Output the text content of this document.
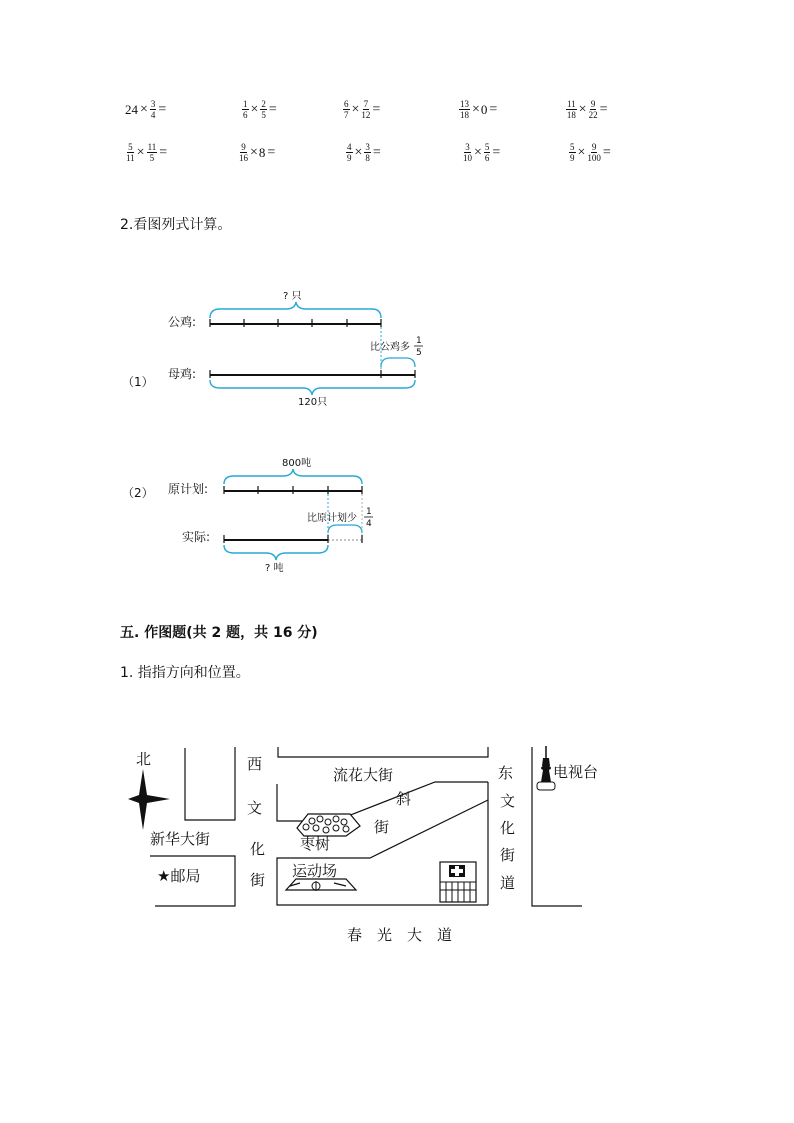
$24 \times \frac{3}{4}$ =	$\frac{1}{6} \times \frac{2}{5}$ =	$\frac{6}{7} \times \frac{7}{12}$ =	$\frac{13}{18} \times 0$ =	$\frac{11}{18} \times \frac{9}{22}$ =
$\frac{5}{11} \times \frac{11}{5}$ =	$\frac{9}{16} \times 8$ =	$\frac{4}{9} \times \frac{3}{8}$ =	$\frac{3}{10} \times \frac{5}{6}$ =	$\frac{5}{9} \times \frac{9}{100}$ =
2.看图列式计算。
（1）
公鸡:
母鸡:
? 只
比公鸡多
1
5
120只
（2） 原计划:
实际:
800吨
比原计划少
1
4
? 吨
五. 作图题(共 2 题，共 16 分)
1. 指指方向和位置。
北
新华大街
★邮局
西
文
化
街
流花大街
斜
街
枣树
运动场
东
文
化
街
道
电视台
春　光　大　道
